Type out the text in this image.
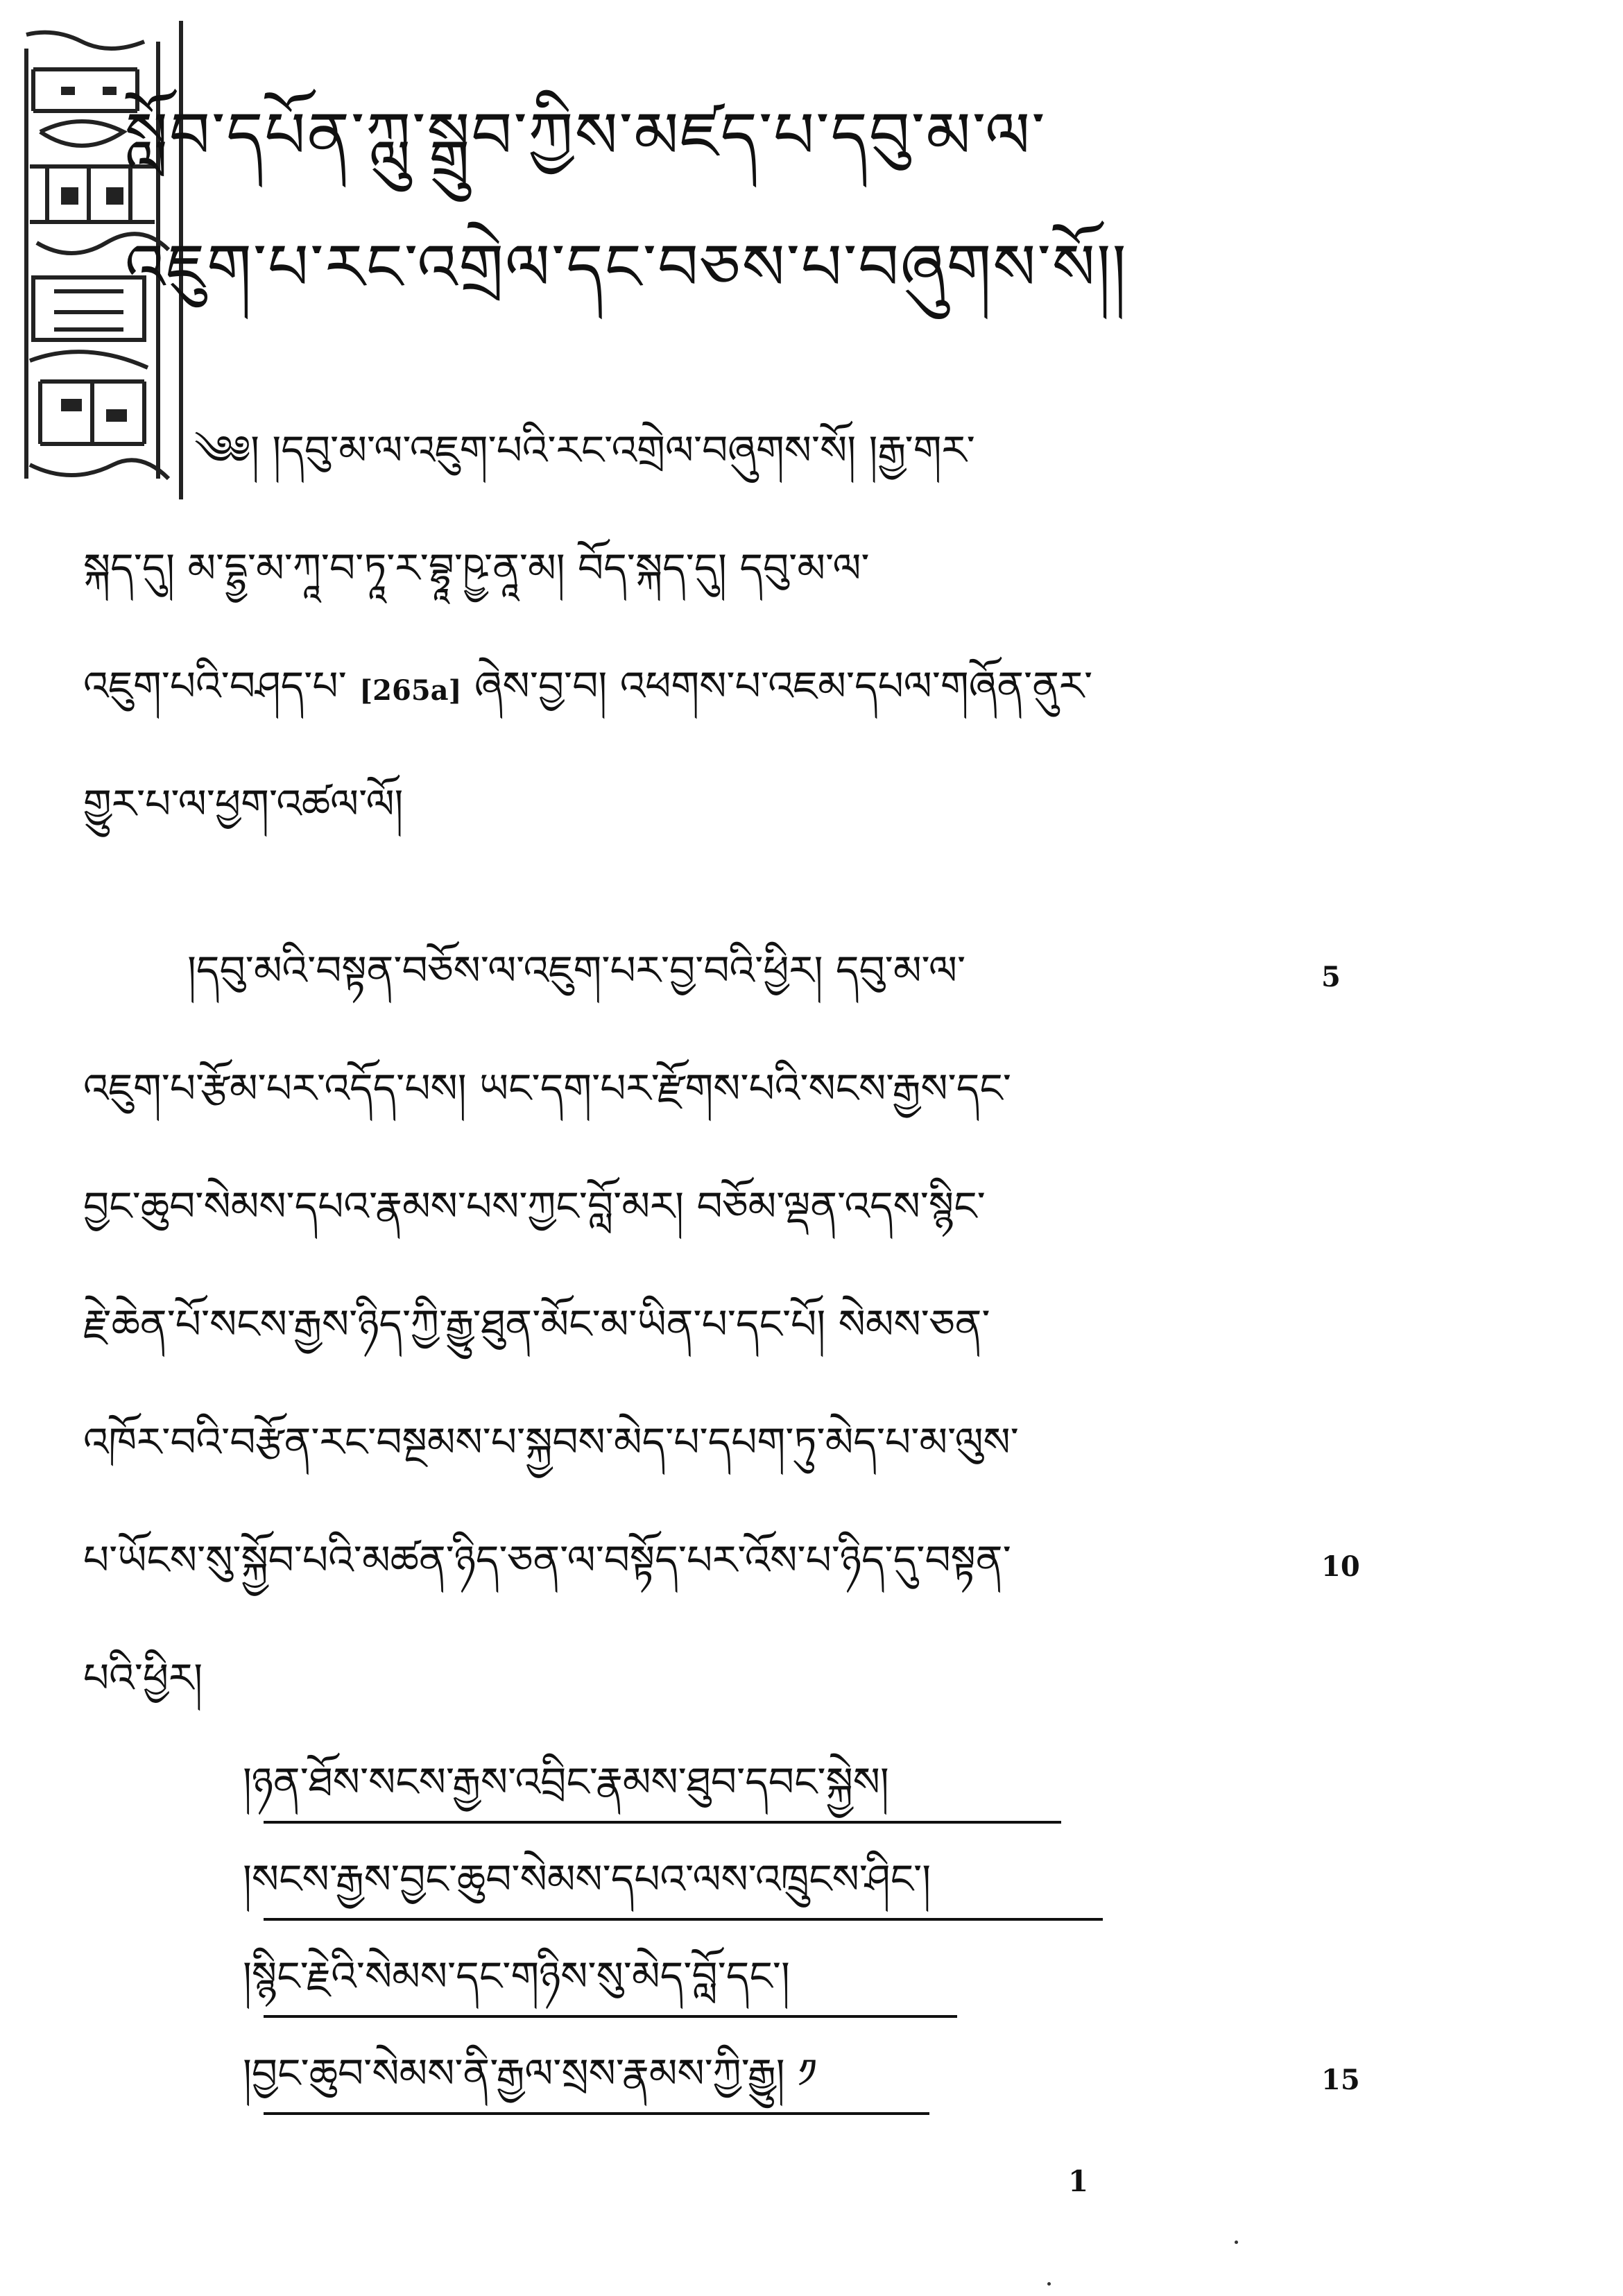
སློབ་དཔོན་ཀླུ་སྒྲུབ་ཀྱིས་མཛད་པ་དབུ་མ་ལ་
འཇུག་པ་རང་འགྲེལ་དང་བཅས་པ་བཞུགས་སོ།།
༄༅། །དབུ་མ་ལ་འཇུག་པའི་རང་འགྲེལ་བཞུགས་སོ། །རྒྱ་གར་
སྐད་དུ། མ་དྷྱ་མ་ཀཱ་བ་ཏཱ་ར་བྷཱ་ཥྱ་ནཱ་མ། བོད་སྐད་དུ། དབུ་མ་ལ་
འཇུག་པའི་བཤད་པ་ [265a] ཞེས་བྱ་བ། འཕགས་པ་འཇམ་དཔལ་གཞོན་ནུར་
གྱུར་པ་ལ་ཕྱག་འཚལ་ལོ།
།དབུ་མའི་བསྟན་བཅོས་ལ་འཇུག་པར་བྱ་བའི་ཕྱིར། དབུ་མ་ལ་	5
འཇུག་པ་རྩོམ་པར་འདོད་པས། ཡང་དག་པར་རྫོགས་པའི་སངས་རྒྱས་དང་
བྱང་ཆུབ་སེམས་དཔའ་རྣམས་པས་ཀྱང་བློ་མར། བཅོམ་ལྡན་འདས་སྙིང་
རྗེ་ཆེན་པོ་སངས་རྒྱས་ཉིད་ཀྱི་རྒྱུ་ཐུན་མོང་མ་ཡིན་པ་དང་པོ། སེམས་ཅན་
འཁོར་བའི་བརྩོན་རང་བསྔམས་པ་སྐྱབས་མེད་པ་དཔག་ཏུ་མེད་པ་མ་ལུས་
པ་ཡོངས་སུ་སྐྱོབ་པའི་མཚན་ཉིད་ཅན་ལ་བསྟོད་པར་འོས་པ་ཉིད་དུ་བསྟན་	10
པའི་ཕྱིར།
།ཉན་ཐོས་སངས་རྒྱས་འབྲིང་རྣམས་ཐུབ་དབང་སྐྱེས།
།སངས་རྒྱས་བྱང་ཆུབ་སེམས་དཔའ་ལས་འཁྲུངས་ཤིང་།
།སྙིང་རྗེའི་སེམས་དང་གཉིས་སུ་མེད་བློ་དང་།
།བྱང་ཆུབ་སེམས་ནི་རྒྱལ་སྲས་རྣམས་ཀྱི་རྒྱུ། ༡	15
1
